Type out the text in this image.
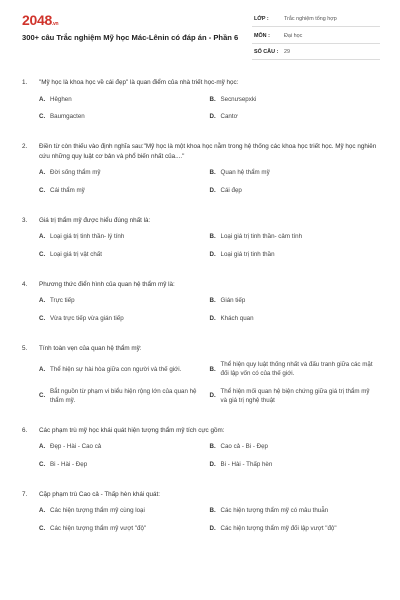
2048.vn
300+ câu Trắc nghiệm Mỹ học Mác-Lênin có đáp án - Phần 6
LỚP :	Trắc nghiệm tổng hợp
MÔN :	Đại học
SỐ CÂU : 29
1.	"Mỹ học là khoa học về cái đẹp" là quan điểm của nhà triết học-mỹ học:
A. Hêghen	B. Secnưsepxki
C. Baumgacten	D. Cantơ
2.	Điền từ còn thiếu vào định nghĩa sau:"Mỹ học là một khoa học nằm trong hệ thống các khoa học triết học. Mỹ học nghiên cứu những quy luật cơ bản và phổ biến nhất của...."
A. Đời sống thẩm mỹ	B. Quan hệ thẩm mỹ
C. Cái thẩm mỹ	D. Cái đẹp
3.	Giá trị thẩm mỹ được hiểu đúng nhất là:
A. Loại giá trị tinh thần- lý tính	B. Loại giá trị tinh thần- cảm tính
C. Loại giá trị vật chất	D. Loại giá trị tinh thần
4.	Phương thức điển hình của quan hệ thẩm mỹ là:
A. Trực tiếp	B. Gián tiếp
C. Vừa trực tiếp vừa gián tiếp	D. Khách quan
5.	Tính toàn vẹn của quan hệ thẩm mỹ:
A. Thể hiện sự hài hòa giữa con người và thế giới.	B.
Thể hiện quy luật thống nhất và đấu tranh giữa các mặt đối lập vốn có của thế giới.
C.
Bắt nguồn từ phạm vi biểu hiện rộng lớn của quan hệ thẩm mỹ.
D.
Thể hiện mối quan hệ biện chứng giữa giá trị thẩm mỹ và giá trị nghệ thuật
6.	Các phạm trù mỹ học khái quát hiện tượng thẩm mỹ tích cực gồm:
A. Đẹp - Hài - Cao cả	B. Cao cả - Bi - Đẹp
C. Bi - Hài - Đẹp	D. Bi - Hài - Thấp hèn
7.	Cặp phạm trù Cao cả - Thấp hèn khái quát:
A. Các hiện tượng thẩm mỹ cùng loại	B. Các hiện tượng thẩm mỹ có mâu thuẫn
C. Các hiện tượng thẩm mỹ vượt "độ"	D. Các hiện tượng thẩm mỹ đối lập vượt "độ"
